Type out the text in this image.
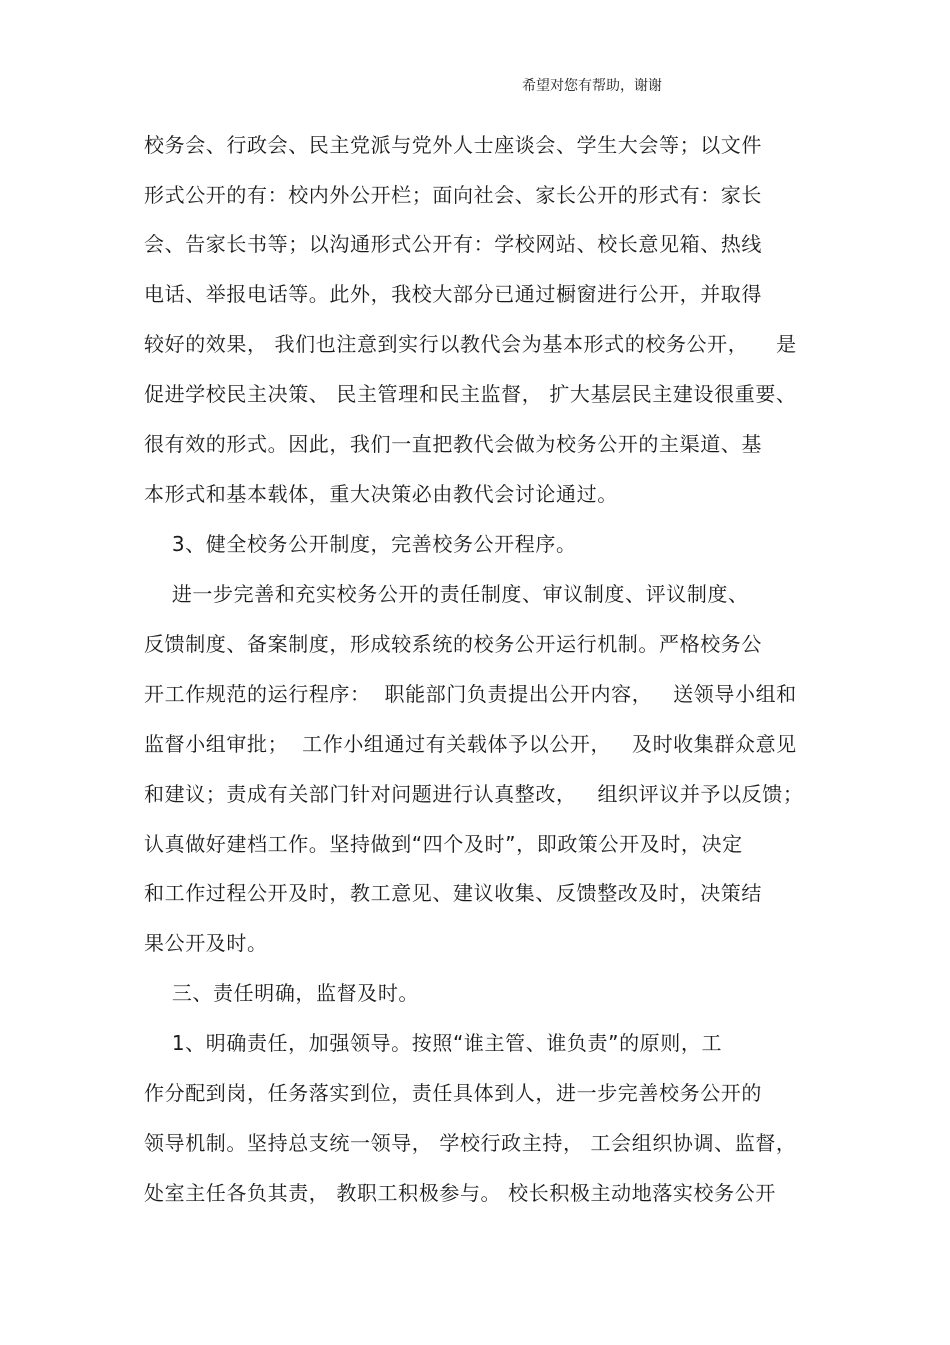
希望对您有帮助，谢谢
校务会、行政会、民主党派与党外人士座谈会、学生大会等；以文件
形式公开的有：校内外公开栏；面向社会、家长公开的形式有：家长
会、告家长书等；以沟通形式公开有：学校网站、校长意见箱、热线
电话、举报电话等。此外，我校大部分已通过橱窗进行公开，并取得
较好的效果， 我们也注意到实行以教代会为基本形式的校务公开，    是
促进学校民主决策、 民主管理和民主监督， 扩大基层民主建设很重要、
很有效的形式。因此，我们一直把教代会做为校务公开的主渠道、基
本形式和基本载体，重大决策必由教代会讨论通过。
3、健全校务公开制度，完善校务公开程序。
进一步完善和充实校务公开的责任制度、审议制度、评议制度、
反馈制度、备案制度，形成较系统的校务公开运行机制。严格校务公
开工作规范的运行程序：  职能部门负责提出公开内容，   送领导小组和
监督小组审批；  工作小组通过有关载体予以公开，   及时收集群众意见
和建议；责成有关部门针对问题进行认真整改，   组织评议并予以反馈；
认真做好建档工作。坚持做到“四个及时”，即政策公开及时，决定
和工作过程公开及时，教工意见、建议收集、反馈整改及时，决策结
果公开及时。
三、责任明确，监督及时。
1、明确责任，加强领导。按照“谁主管、谁负责”的原则，工
作分配到岗，任务落实到位，责任具体到人，进一步完善校务公开的
领导机制。坚持总支统一领导， 学校行政主持， 工会组织协调、监督，
处室主任各负其责， 教职工积极参与。 校长积极主动地落实校务公开
